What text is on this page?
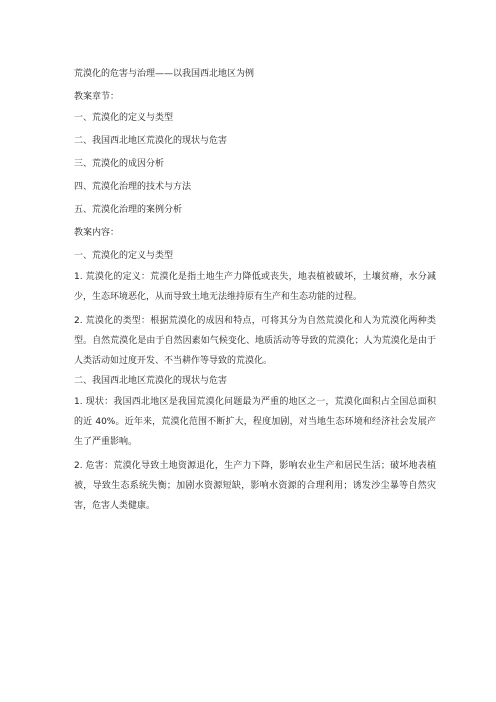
荒漠化的危害与治理——以我国西北地区为例

教案章节：

一、荒漠化的定义与类型

二、我国西北地区荒漠化的现状与危害

三、荒漠化的成因分析

四、荒漠化治理的技术与方法

五、荒漠化治理的案例分析

教案内容：

一、荒漠化的定义与类型

1. 荒漠化的定义：荒漠化是指土地生产力降低或丧失，地表植被破坏，土壤贫瘠，水分减少，生态环境恶化，从而导致土地无法维持原有生产和生态功能的过程。

2. 荒漠化的类型：根据荒漠化的成因和特点，可将其分为自然荒漠化和人为荒漠化两种类型。自然荒漠化是由于自然因素如气候变化、地质活动等导致的荒漠化；人为荒漠化是由于人类活动如过度开发、不当耕作等导致的荒漠化。

二、我国西北地区荒漠化的现状与危害

1. 现状：我国西北地区是我国荒漠化问题最为严重的地区之一，荒漠化面积占全国总面积的近 40%。近年来，荒漠化范围不断扩大，程度加剧，对当地生态环境和经济社会发展产生了严重影响。

2. 危害：荒漠化导致土地资源退化，生产力下降，影响农业生产和居民生活；破坏地表植被，导致生态系统失衡；加剧水资源短缺，影响水资源的合理利用；诱发沙尘暴等自然灾害，危害人类健康。
